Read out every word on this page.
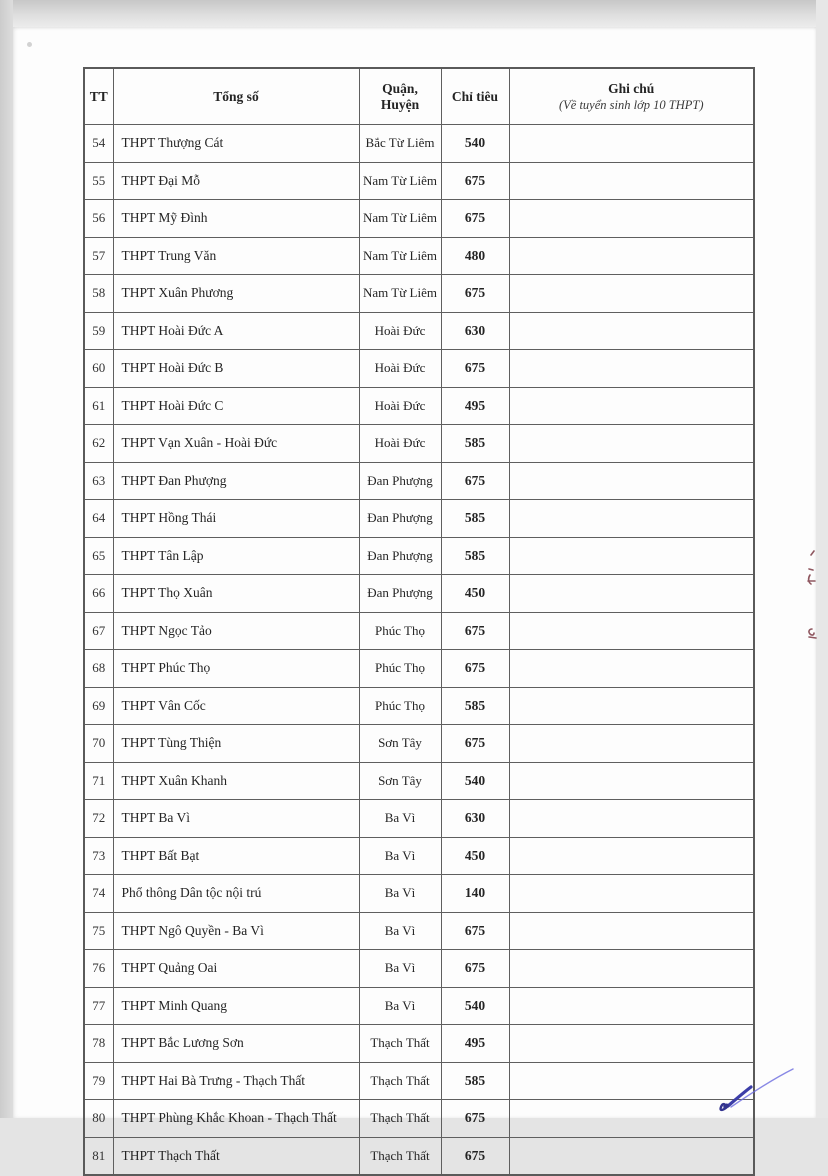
TT	Tổng số	Quận, Huyện	Chỉ tiêu	Ghi chú
(Về tuyển sinh lớp 10 THPT)

54	THPT Thượng Cát	Bắc Từ Liêm	540	
55	THPT Đại Mỗ	Nam Từ Liêm	675	
56	THPT Mỹ Đình	Nam Từ Liêm	675	
57	THPT Trung Văn	Nam Từ Liêm	480	
58	THPT Xuân Phương	Nam Từ Liêm	675	
59	THPT Hoài Đức A	Hoài Đức	630	
60	THPT Hoài Đức B	Hoài Đức	675	
61	THPT Hoài Đức C	Hoài Đức	495	
62	THPT Vạn Xuân - Hoài Đức	Hoài Đức	585	
63	THPT Đan Phượng	Đan Phượng	675	
64	THPT Hồng Thái	Đan Phượng	585	
65	THPT Tân Lập	Đan Phượng	585	
66	THPT Thọ Xuân	Đan Phượng	450	
67	THPT Ngọc Tảo	Phúc Thọ	675	
68	THPT Phúc Thọ	Phúc Thọ	675	
69	THPT Vân Cốc	Phúc Thọ	585	
70	THPT Tùng Thiện	Sơn Tây	675	
71	THPT Xuân Khanh	Sơn Tây	540	
72	THPT Ba Vì	Ba Vì	630	
73	THPT Bất Bạt	Ba Vì	450	
74	Phổ thông Dân tộc nội trú	Ba Vì	140	
75	THPT Ngô Quyền - Ba Vì	Ba Vì	675	
76	THPT Quảng Oai	Ba Vì	675	
77	THPT Minh Quang	Ba Vì	540	
78	THPT Bắc Lương Sơn	Thạch Thất	495	
79	THPT Hai Bà Trưng - Thạch Thất	Thạch Thất	585	
80	THPT Phùng Khắc Khoan - Thạch Thất	Thạch Thất	675	
81	THPT Thạch Thất	Thạch Thất	675	
